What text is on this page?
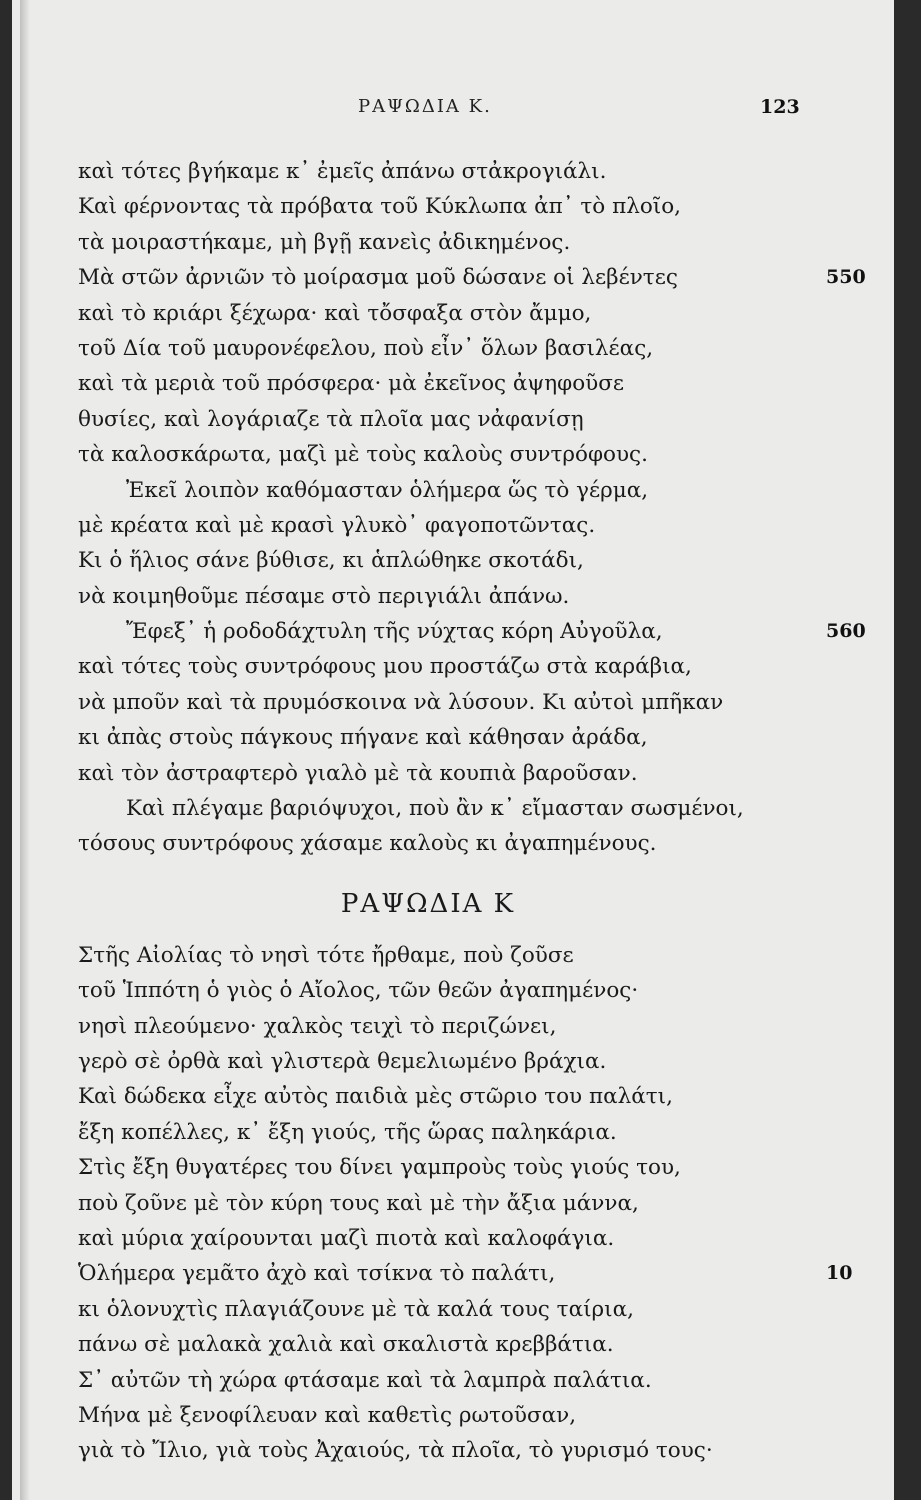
ΡΑΨΩΔΙΑ Κ.	123
καὶ τότες βγήκαμε κ᾿ ἐμεῖς ἀπάνω στἀκρογιάλι.
Καὶ φέρνοντας τὰ πρόβατα τοῦ Κύκλωπα ἀπ᾿ τὸ πλοῖο,
τὰ μοιραστήκαμε, μὴ βγῇ κανεὶς ἀδικημένος.
Μὰ στῶν ἀρνιῶν τὸ μοίρασμα μοῦ δώσανε οἱ λεβέντες	550
καὶ τὸ κριάρι ξέχωρα· καὶ τὄσφαξα στὸν ἄμμο,
τοῦ Δία τοῦ μαυρονέφελου, ποὺ εἶν᾿ ὅλων βασιλέας,
καὶ τὰ μεριὰ τοῦ πρόσφερα· μὰ ἐκεῖνος ἀψηφοῦσε
θυσίες, καὶ λογάριαζε τὰ πλοῖα μας νἀφανίσῃ
τὰ καλοσκάρωτα, μαζὶ μὲ τοὺς καλοὺς συντρόφους.
Ἐκεῖ λοιπὸν καθόμασταν ὁλήμερα ὥς τὸ γέρμα,
μὲ κρέατα καὶ μὲ κρασὶ γλυκὸ᾿ φαγοποτῶντας.
Κι ὁ ἥλιος σάνε βύθισε, κι ἁπλώθηκε σκοτάδι,
νὰ κοιμηθοῦμε πέσαμε στὸ περιγιάλι ἀπάνω.
Ἔφεξ᾿ ἡ ροδοδάχτυλη τῆς νύχτας κόρη Αὐγοῦλα,	560
καὶ τότες τοὺς συντρόφους μου προστάζω στὰ καράβια,
νὰ μποῦν καὶ τὰ πρυμόσκοινα νὰ λύσουν. Κι αὐτοὶ μπῆκαν
κι ἀπὰς στοὺς πάγκους πήγανε καὶ κάθησαν ἀράδα,
καὶ τὸν ἀστραφτερὸ γιαλὸ μὲ τὰ κουπιὰ βαροῦσαν.
Καὶ πλέγαμε βαριόψυχοι, ποὺ ἂν κ᾿ εἴμασταν σωσμένοι,
τόσους συντρόφους χάσαμε καλοὺς κι ἀγαπημένους.
ΡΑΨΩΔΙΑ Κ
Στῆς Αἰολίας τὸ νησὶ τότε ἤρθαμε, ποὺ ζοῦσε
τοῦ Ἱππότη ὁ γιὸς ὁ Αἴολος, τῶν θεῶν ἀγαπημένος·
νησὶ πλεούμενο· χαλκὸς τειχὶ τὸ περιζώνει,
γερὸ σὲ ὀρθὰ καὶ γλιστερὰ θεμελιωμένο βράχια.
Καὶ δώδεκα εἶχε αὐτὸς παιδιὰ μὲς στῶριο του παλάτι,
ἔξη κοπέλλες, κ᾿ ἔξη γιούς, τῆς ὥρας παληκάρια.
Στὶς ἔξη θυγατέρες του δίνει γαμπροὺς τοὺς γιούς του,
ποὺ ζοῦνε μὲ τὸν κύρη τους καὶ μὲ τὴν ἄξια μάννα,
καὶ μύρια χαίρουνται μαζὶ πιοτὰ καὶ καλοφάγια.
Ὁλήμερα γεμᾶτο ἀχὸ καὶ τσίκνα τὸ παλάτι,	10
κι ὁλονυχτὶς πλαγιάζουνε μὲ τὰ καλά τους ταίρια,
πάνω σὲ μαλακὰ χαλιὰ καὶ σκαλιστὰ κρεββάτια.
Σ᾿ αὐτῶν τὴ χώρα φτάσαμε καὶ τὰ λαμπρὰ παλάτια.
Μήνα μὲ ξενοφίλευαν καὶ καθετὶς ρωτοῦσαν,
γιὰ τὸ Ἴλιο, γιὰ τοὺς Ἀχαιούς, τὰ πλοῖα, τὸ γυρισμό τους·
